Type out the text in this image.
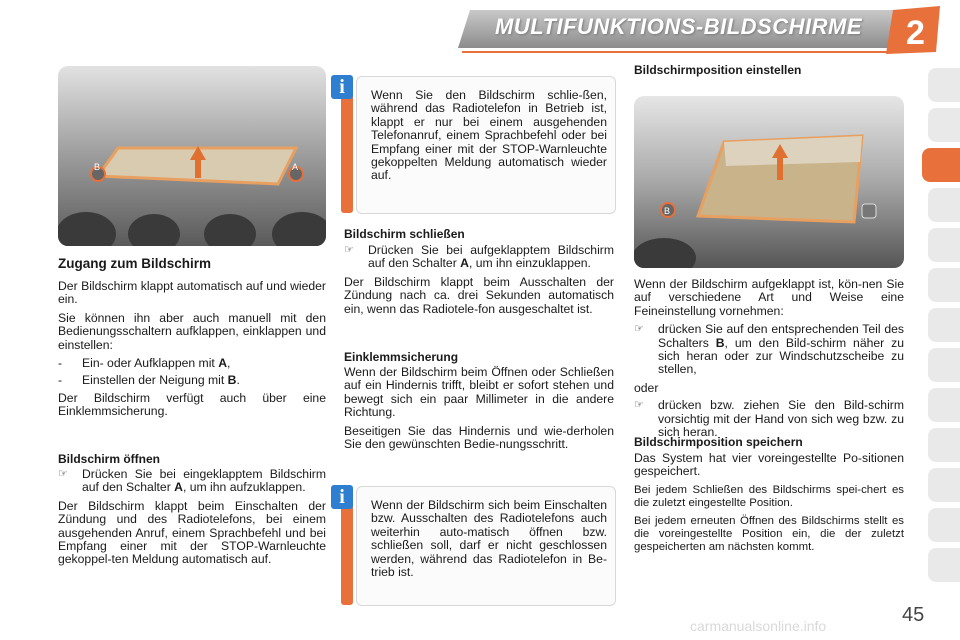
MULTIFUNKTIONS-BILDSCHIRME 2
B	A
Zugang zum Bildschirm

Der Bildschirm klappt automatisch auf und wieder ein.

Sie können ihn aber auch manuell mit den Bedienungsschaltern aufklappen, einklappen und einstellen:

-	Ein- oder Aufklappen mit A,
-	Einstellen der Neigung mit B.

Der Bildschirm verfügt auch über eine Einklemmsicherung.

Bildschirm öffnen
☞	Drücken Sie bei eingeklapptem Bildschirm auf den Schalter A, um ihn aufzuklappen.

Der Bildschirm klappt beim Einschalten der Zündung und des Radiotelefons, bei einem ausgehenden Anruf, einem Sprachbefehl und bei Empfang einer mit der STOP-Warnleuchte gekoppel-ten Meldung automatisch auf.

i	Wenn Sie den Bildschirm schlie-ßen, während das Radiotelefon in Betrieb ist, klappt er nur bei einem ausgehenden Telefonanruf, einem Sprachbefehl oder bei Empfang einer mit der STOP-Warnleuchte gekoppelten Meldung automatisch wieder auf.
Bildschirm schließen
☞	Drücken Sie bei aufgeklapptem Bildschirm auf den Schalter A, um ihn einzuklappen.

Der Bildschirm klappt beim Ausschalten der Zündung nach ca. drei Sekunden automatisch ein, wenn das Radiotele-fon ausgeschaltet ist.

Einklemmsicherung

Wenn der Bildschirm beim Öffnen oder Schließen auf ein Hindernis trifft, bleibt er sofort stehen und bewegt sich ein paar Millimeter in die andere Richtung.

Beseitigen Sie das Hindernis und wie-derholen Sie den gewünschten Bedie-nungsschritt.

i	Wenn der Bildschirm sich beim Einschalten bzw. Ausschalten des Radiotelefons auch weiterhin auto-matisch öffnen bzw. schließen soll, darf er nicht geschlossen werden, während das Radiotelefon in Be-trieb ist.
Bildschirmposition einstellen
B

Wenn der Bildschirm aufgeklappt ist, kön-nen Sie auf verschiedene Art und Weise eine Feineinstellung vornehmen:

☞	drücken Sie auf den entsprechenden Teil des Schalters B, um den Bild-schirm näher zu sich heran oder zur Windschutzscheibe zu stellen,

oder

☞	drücken bzw. ziehen Sie den Bild-schirm vorsichtig mit der Hand von sich weg bzw. zu sich heran.
Bildschirmposition speichern

Das System hat vier voreingestellte Po-sitionen gespeichert.

Bei jedem Schließen des Bildschirms spei-chert es die zuletzt eingestellte Position.

Bei jedem erneuten Öffnen des Bildschirms stellt es die voreingestellte Position ein, die der zuletzt gespeicherten am nächsten kommt.

carmanualsonline.info	45
